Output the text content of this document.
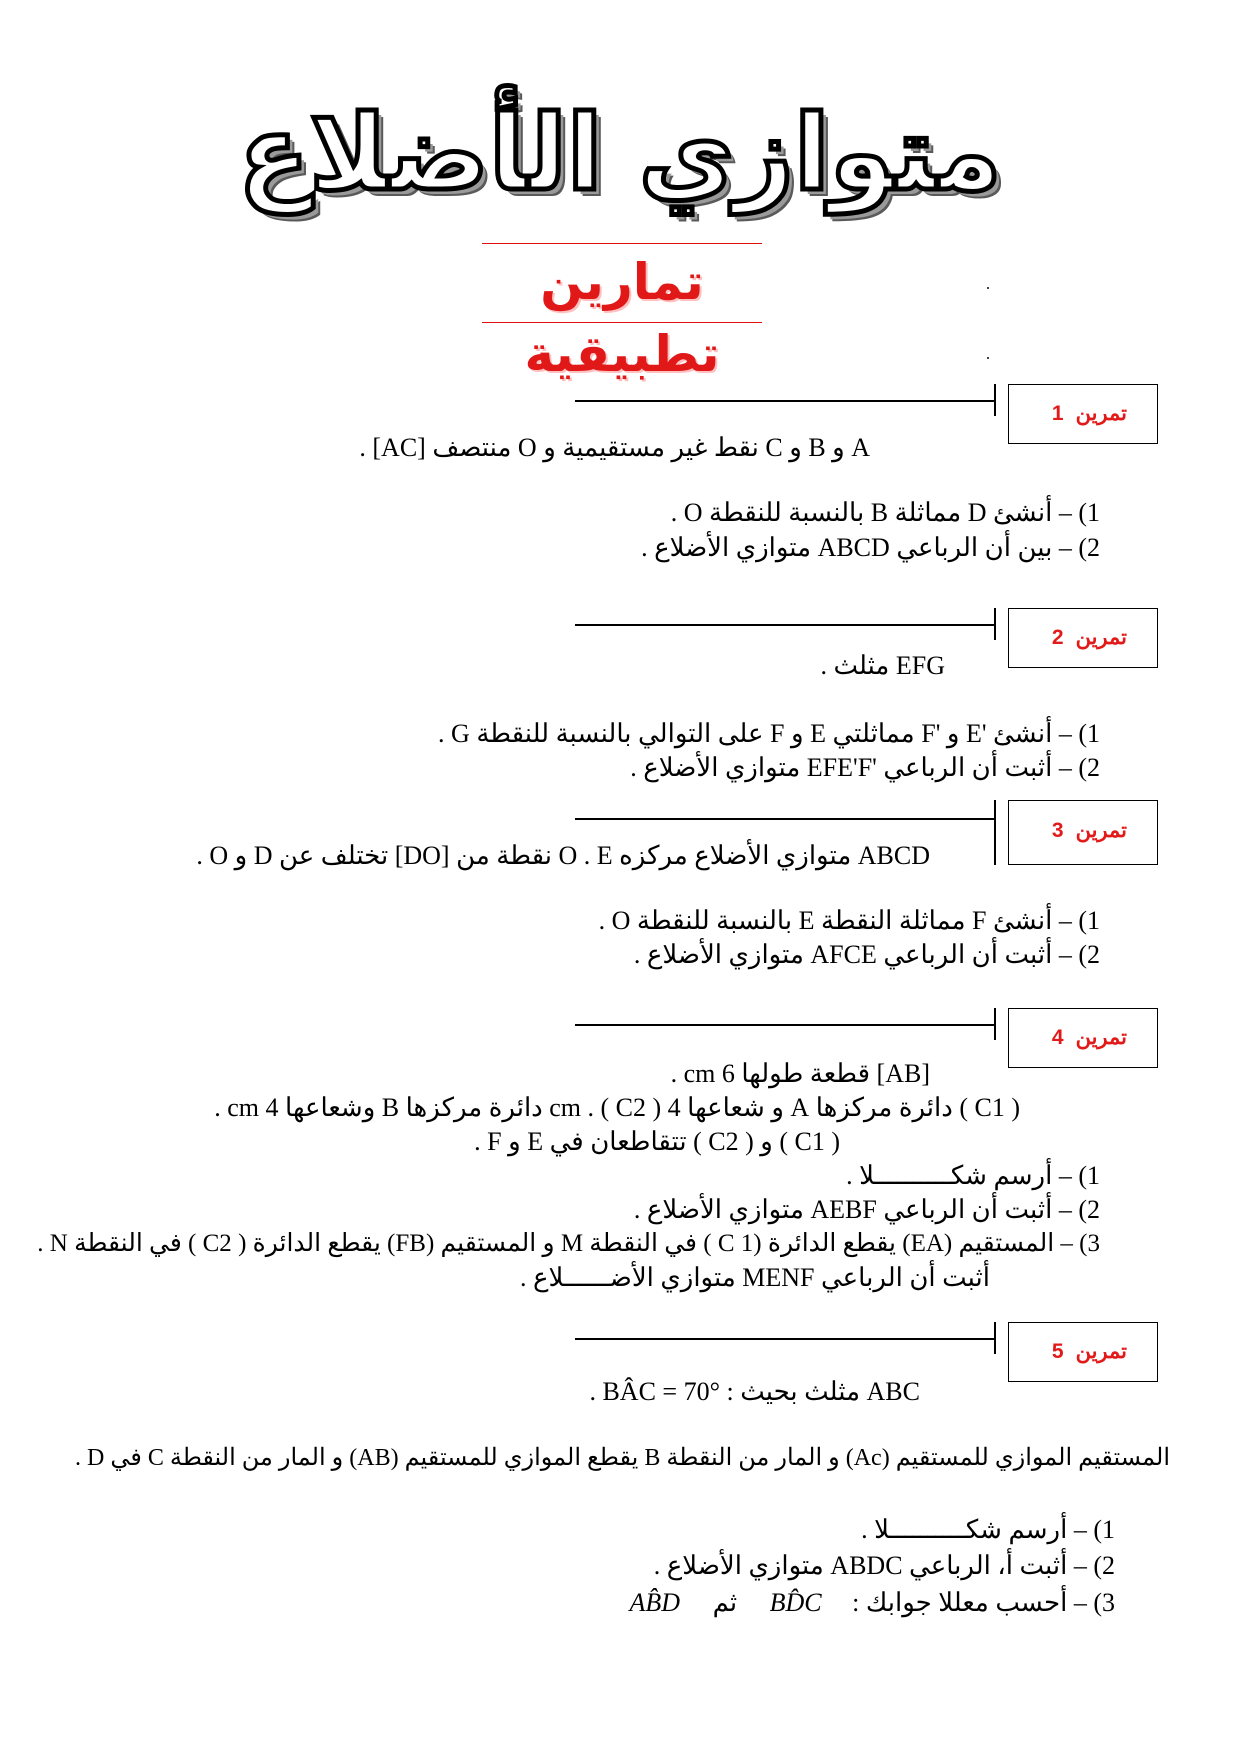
متوازي الأضلاع
تمارين تطبيقية
تمرين1
A و B و C نقط غير مستقيمية و O منتصف [AC] .
1) – أنشئ D مماثلة B بالنسبة للنقطة O .
2) – بين أن الرباعي ABCD متوازي الأضلاع .
تمرين2
EFG مثلث .
1) – أنشئ 'E و 'F مماثلتي E و F على التوالي بالنسبة للنقطة G .
2) – أثبت أن الرباعي 'EFE'F متوازي الأضلاع .
تمرين3
ABCD متوازي الأضلاع مركزه O . E نقطة من [DO] تختلف عن D و O .
1) – أنشئ F مماثلة النقطة E بالنسبة للنقطة O .
2) – أثبت أن الرباعي AFCE متوازي الأضلاع .
تمرين4
[AB] قطعة طولها 6 cm .
( C1 ) دائرة مركزها A و شعاعها 4 cm . ( C2 ) دائرة مركزها B وشعاعها 4 cm .
( C1 ) و ( C2 ) تتقاطعان في E و F .
1) – أرسم شكــــــــــلا .
2) – أثبت أن الرباعي AEBF متوازي الأضلاع .
3) – المستقيم (EA) يقطع الدائرة (1 C ) في النقطة M و المستقيم (FB) يقطع الدائرة ( C2 ) في النقطة N .
أثبت أن الرباعي MENF متوازي الأضــــــلاع .
تمرين5
ABC مثلث بحيث : BÂC = 70° .
المستقيم الموازي للمستقيم (Ac) و المار من النقطة B يقطع الموازي للمستقيم (AB) و المار من النقطة C في D .
1) – أرسم شكــــــــــلا .
2) – أثبت أ، الرباعي ABDC متوازي الأضلاع .
3) – أحسب معللا جوابك : BD̂C ثم AB̂D
